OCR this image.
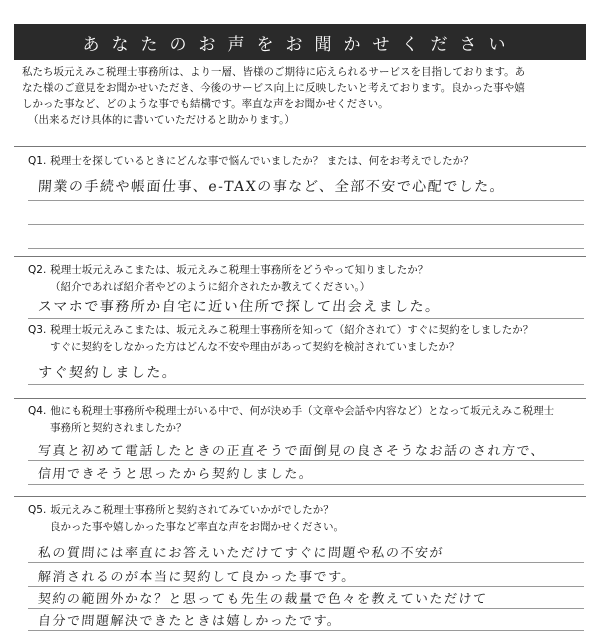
あなたのお声をお聞かせください
私たち坂元えみこ税理士事務所は、より一層、皆様のご期待に応えられるサービスを目指しております。あ
なた様のご意見をお聞かせいただき、今後のサービス向上に反映したいと考えております。良かった事や嬉
しかった事など、どのような事でも結構です。率直な声をお聞かせください。
（出来るだけ具体的に書いていただけると助かります。）
Q1. 税理士を探しているときにどんな事で悩んでいましたか？ または、何をお考えでしたか？
開業の手続や帳面仕事、e-TAXの事など、全部不安で心配でした。
Q2. 税理士坂元えみこまたは、坂元えみこ税理士事務所をどうやって知りましたか？
（紹介であれば紹介者やどのように紹介されたか教えてください。）
スマホで事務所か自宅に近い住所で探して出会えました。
Q3. 税理士坂元えみこまたは、坂元えみこ税理士事務所を知って（紹介されて）すぐに契約をしましたか？
すぐに契約をしなかった方はどんな不安や理由があって契約を検討されていましたか？
すぐ契約しました。
Q4. 他にも税理士事務所や税理士がいる中で、何が決め手（文章や会話や内容など）となって坂元えみこ税理士
事務所と契約されましたか？
写真と初めて電話したときの正直そうで面倒見の良さそうなお話のされ方で、
信用できそうと思ったから契約しました。
Q5. 坂元えみこ税理士事務所と契約されてみていかがでしたか？
良かった事や嬉しかった事など率直な声をお聞かせください。
私の質問には率直にお答えいただけてすぐに問題や私の不安が
解消されるのが本当に契約して良かった事です。
契約の範囲外かな？と思っても先生の裁量で色々を教えていただけて
自分で問題解決できたときは嬉しかったです。
